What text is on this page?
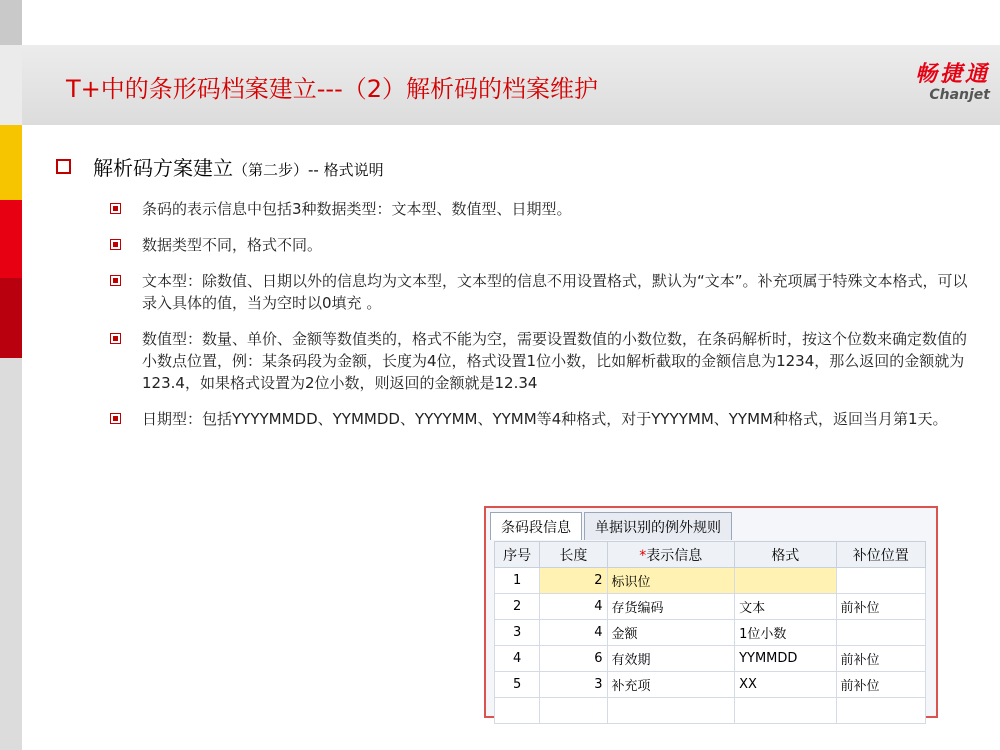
T+中的条形码档案建立---（2）解析码的档案维护
畅捷通
Chanjet
解析码方案建立（第二步）-- 格式说明
条码的表示信息中包括3种数据类型：文本型、数值型、日期型。
数据类型不同，格式不同。
文本型：除数值、日期以外的信息均为文本型，文本型的信息不用设置格式，默认为“文本”。补充项属于特殊文本格式，可以录入具体的值，当为空时以0填充 。
数值型：数量、单价、金额等数值类的，格式不能为空，需要设置数值的小数位数，在条码解析时，按这个位数来确定数值的小数点位置，例：某条码段为金额，长度为4位，格式设置1位小数，比如解析截取的金额信息为1234，那么返回的金额就为123.4，如果格式设置为2位小数，则返回的金额就是12.34
日期型：包括YYYYMMDD、YYMMDD、YYYYMM、YYMM等4种格式，对于YYYYMM、YYMM种格式，返回当月第1天。
条码段信息	单据识别的例外规则
序号	长度	*表示信息	格式	补位位置
1	2	标识位		
2	4	存货编码	文本	前补位
3	4	金额	1位小数	
4	6	有效期	YYMMDD	前补位
5	3	补充项	XX	前补位
